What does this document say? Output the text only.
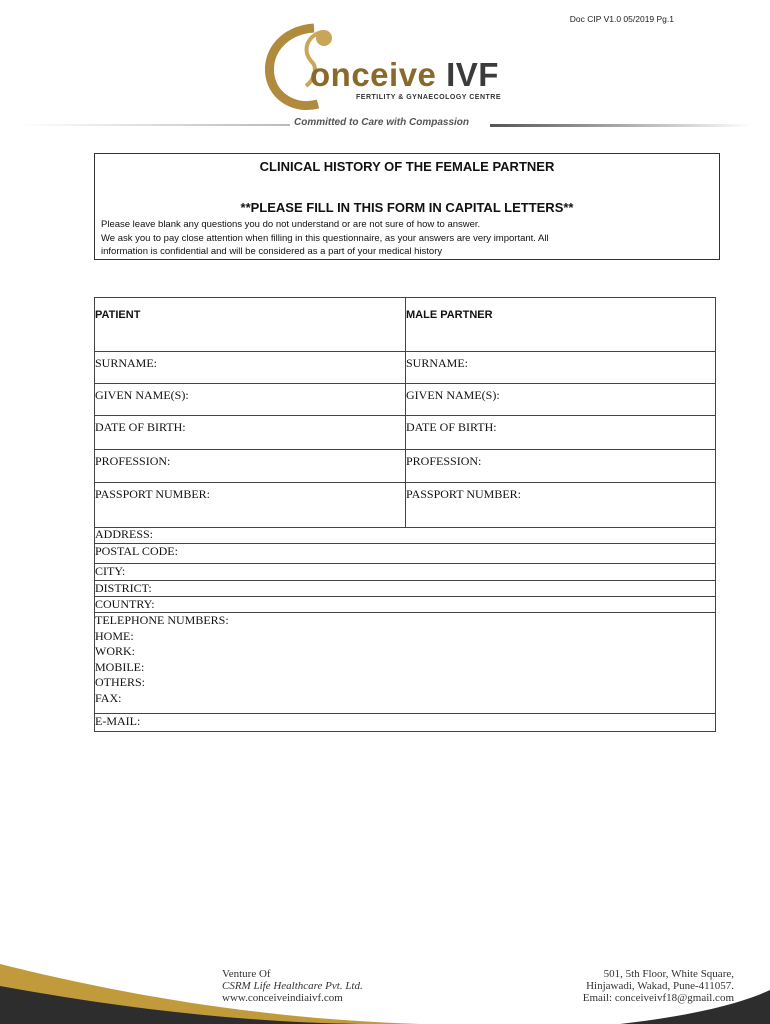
Doc CIP V1.0 05/2019 Pg.1
onceive IVF
FERTILITY & GYNAECOLOGY CENTRE
Committed to Care with Compassion
CLINICAL HISTORY OF THE FEMALE PARTNER
**PLEASE FILL IN THIS FORM IN CAPITAL LETTERS**
Please leave blank any questions you do not understand or are not sure of how to answer.
We ask you to pay close attention when filling in this questionnaire, as your answers are very important. All
information is confidential and will be considered as a part of your medical history
PATIENT	MALE PARTNER
SURNAME:	SURNAME:
GIVEN NAME(S):	GIVEN NAME(S):
DATE OF BIRTH:	DATE OF BIRTH:
PROFESSION:	PROFESSION:
PASSPORT NUMBER:	PASSPORT NUMBER:
ADDRESS:
POSTAL CODE:
CITY:
DISTRICT:
COUNTRY:
TELEPHONE NUMBERS:
HOME:
WORK:
MOBILE:
OTHERS:
FAX:
E-MAIL:
Venture Of
CSRM Life Healthcare Pvt. Ltd.
www.conceiveindiaivf.com
501, 5th Floor, White Square,
Hinjawadi, Wakad, Pune-411057.
Email: conceiveivf18@gmail.com
